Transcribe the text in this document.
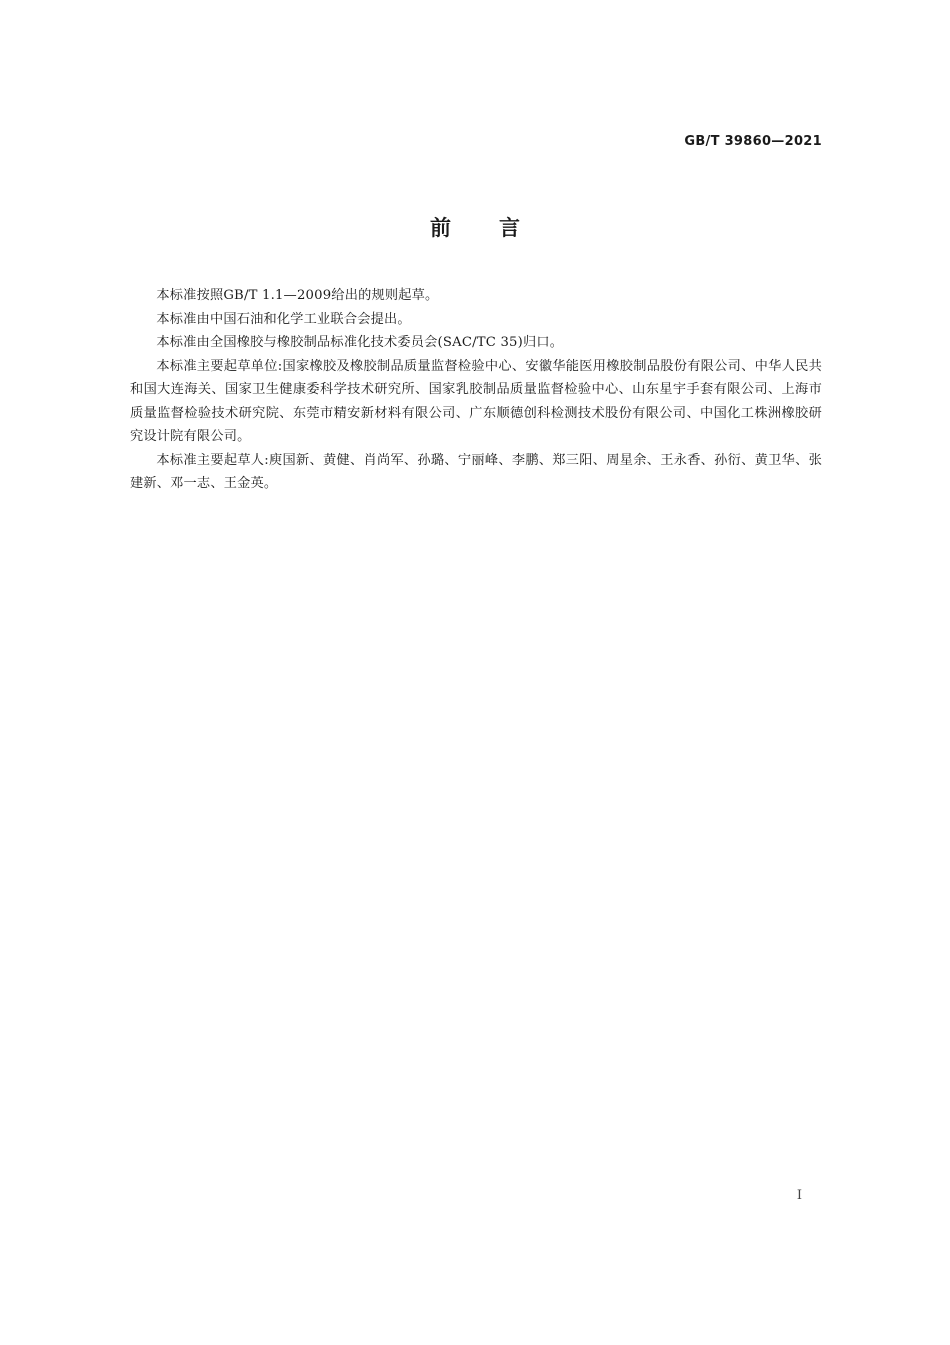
GB/T 39860—2021
前言

本标准按照GB/T 1.1—2009给出的规则起草。

本标准由中国石油和化学工业联合会提出。

本标准由全国橡胶与橡胶制品标准化技术委员会(SAC/TC 35)归口。

本标准主要起草单位:国家橡胶及橡胶制品质量监督检验中心、安徽华能医用橡胶制品股份有限公司、中华人民共和国大连海关、国家卫生健康委科学技术研究所、国家乳胶制品质量监督检验中心、山东星宇手套有限公司、上海市质量监督检验技术研究院、东莞市精安新材料有限公司、广东顺德创科检测技术股份有限公司、中国化工株洲橡胶研究设计院有限公司。

本标准主要起草人:庾国新、黄健、肖尚军、孙璐、宁丽峰、李鹏、郑三阳、周星余、王永香、孙衍、黄卫华、张建新、邓一志、王金英。

I
